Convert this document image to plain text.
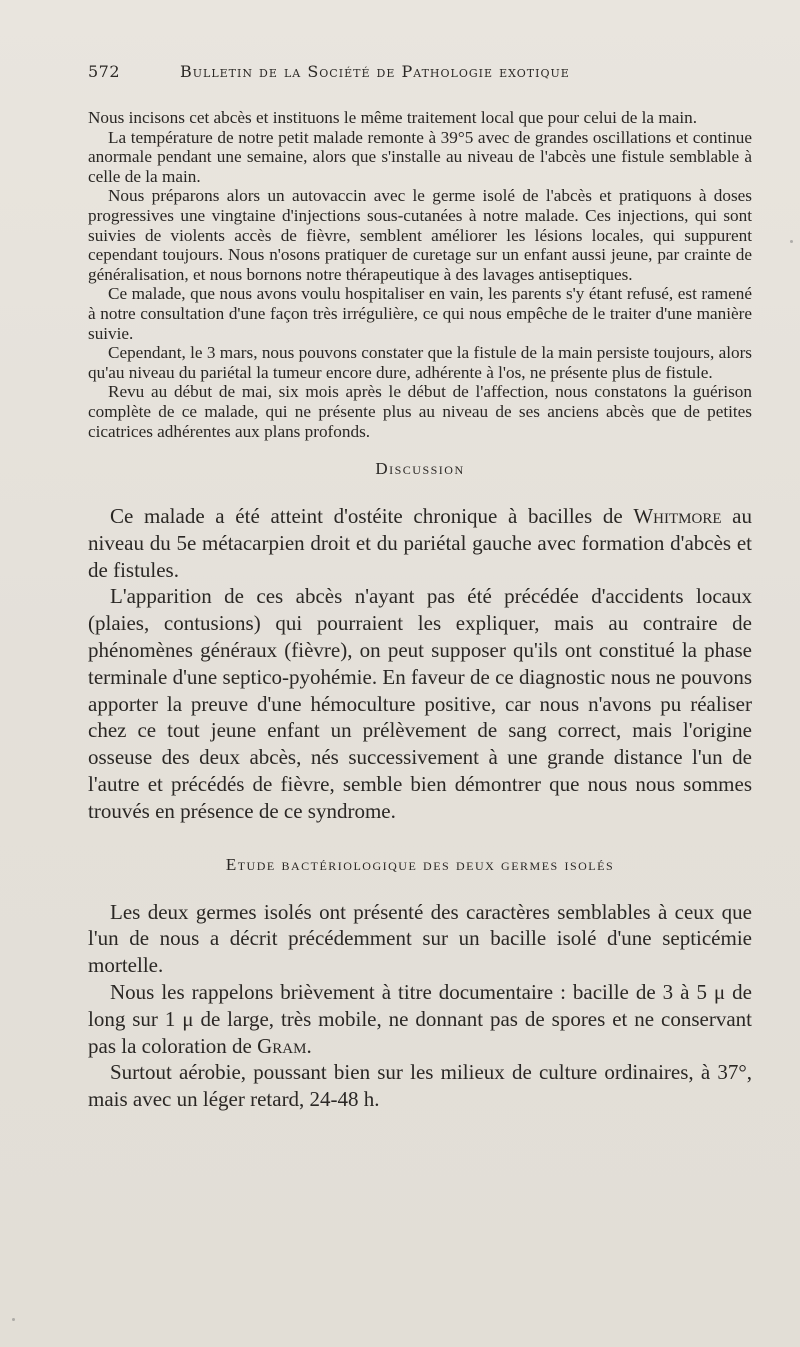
572	Bulletin de la Société de Pathologie exotique

Nous incisons cet abcès et instituons le même traitement local que pour celui de la main.

La température de notre petit malade remonte à 39°5 avec de grandes oscillations et continue anormale pendant une semaine, alors que s'installe au niveau de l'abcès une fistule semblable à celle de la main.

Nous préparons alors un autovaccin avec le germe isolé de l'abcès et pratiquons à doses progressives une vingtaine d'injections sous-cutanées à notre malade. Ces injections, qui sont suivies de violents accès de fièvre, semblent améliorer les lésions locales, qui suppurent cependant toujours. Nous n'osons pratiquer de curetage sur un enfant aussi jeune, par crainte de généralisation, et nous bornons notre thérapeutique à des lavages antiseptiques.

Ce malade, que nous avons voulu hospitaliser en vain, les parents s'y étant refusé, est ramené à notre consultation d'une façon très irrégulière, ce qui nous empêche de le traiter d'une manière suivie.

Cependant, le 3 mars, nous pouvons constater que la fistule de la main persiste toujours, alors qu'au niveau du pariétal la tumeur encore dure, adhérente à l'os, ne présente plus de fistule.

Revu au début de mai, six mois après le début de l'affection, nous constatons la guérison complète de ce malade, qui ne présente plus au niveau de ses anciens abcès que de petites cicatrices adhérentes aux plans profonds.

Discussion

Ce malade a été atteint d'ostéite chronique à bacilles de Whitmore au niveau du 5e métacarpien droit et du pariétal gauche avec formation d'abcès et de fistules.

L'apparition de ces abcès n'ayant pas été précédée d'accidents locaux (plaies, contusions) qui pourraient les expliquer, mais au contraire de phénomènes généraux (fièvre), on peut supposer qu'ils ont constitué la phase terminale d'une septico-pyohémie. En faveur de ce diagnostic nous ne pouvons apporter la preuve d'une hémoculture positive, car nous n'avons pu réaliser chez ce tout jeune enfant un prélèvement de sang correct, mais l'origine osseuse des deux abcès, nés successivement à une grande distance l'un de l'autre et précédés de fièvre, semble bien démontrer que nous nous sommes trouvés en présence de ce syndrome.

Etude bactériologique des deux germes isolés

Les deux germes isolés ont présenté des caractères semblables à ceux que l'un de nous a décrit précédemment sur un bacille isolé d'une septicémie mortelle.

Nous les rappelons brièvement à titre documentaire : bacille de 3 à 5 μ de long sur 1 μ de large, très mobile, ne donnant pas de spores et ne conservant pas la coloration de Gram.

Surtout aérobie, poussant bien sur les milieux de culture ordinaires, à 37°, mais avec un léger retard, 24-48 h.
